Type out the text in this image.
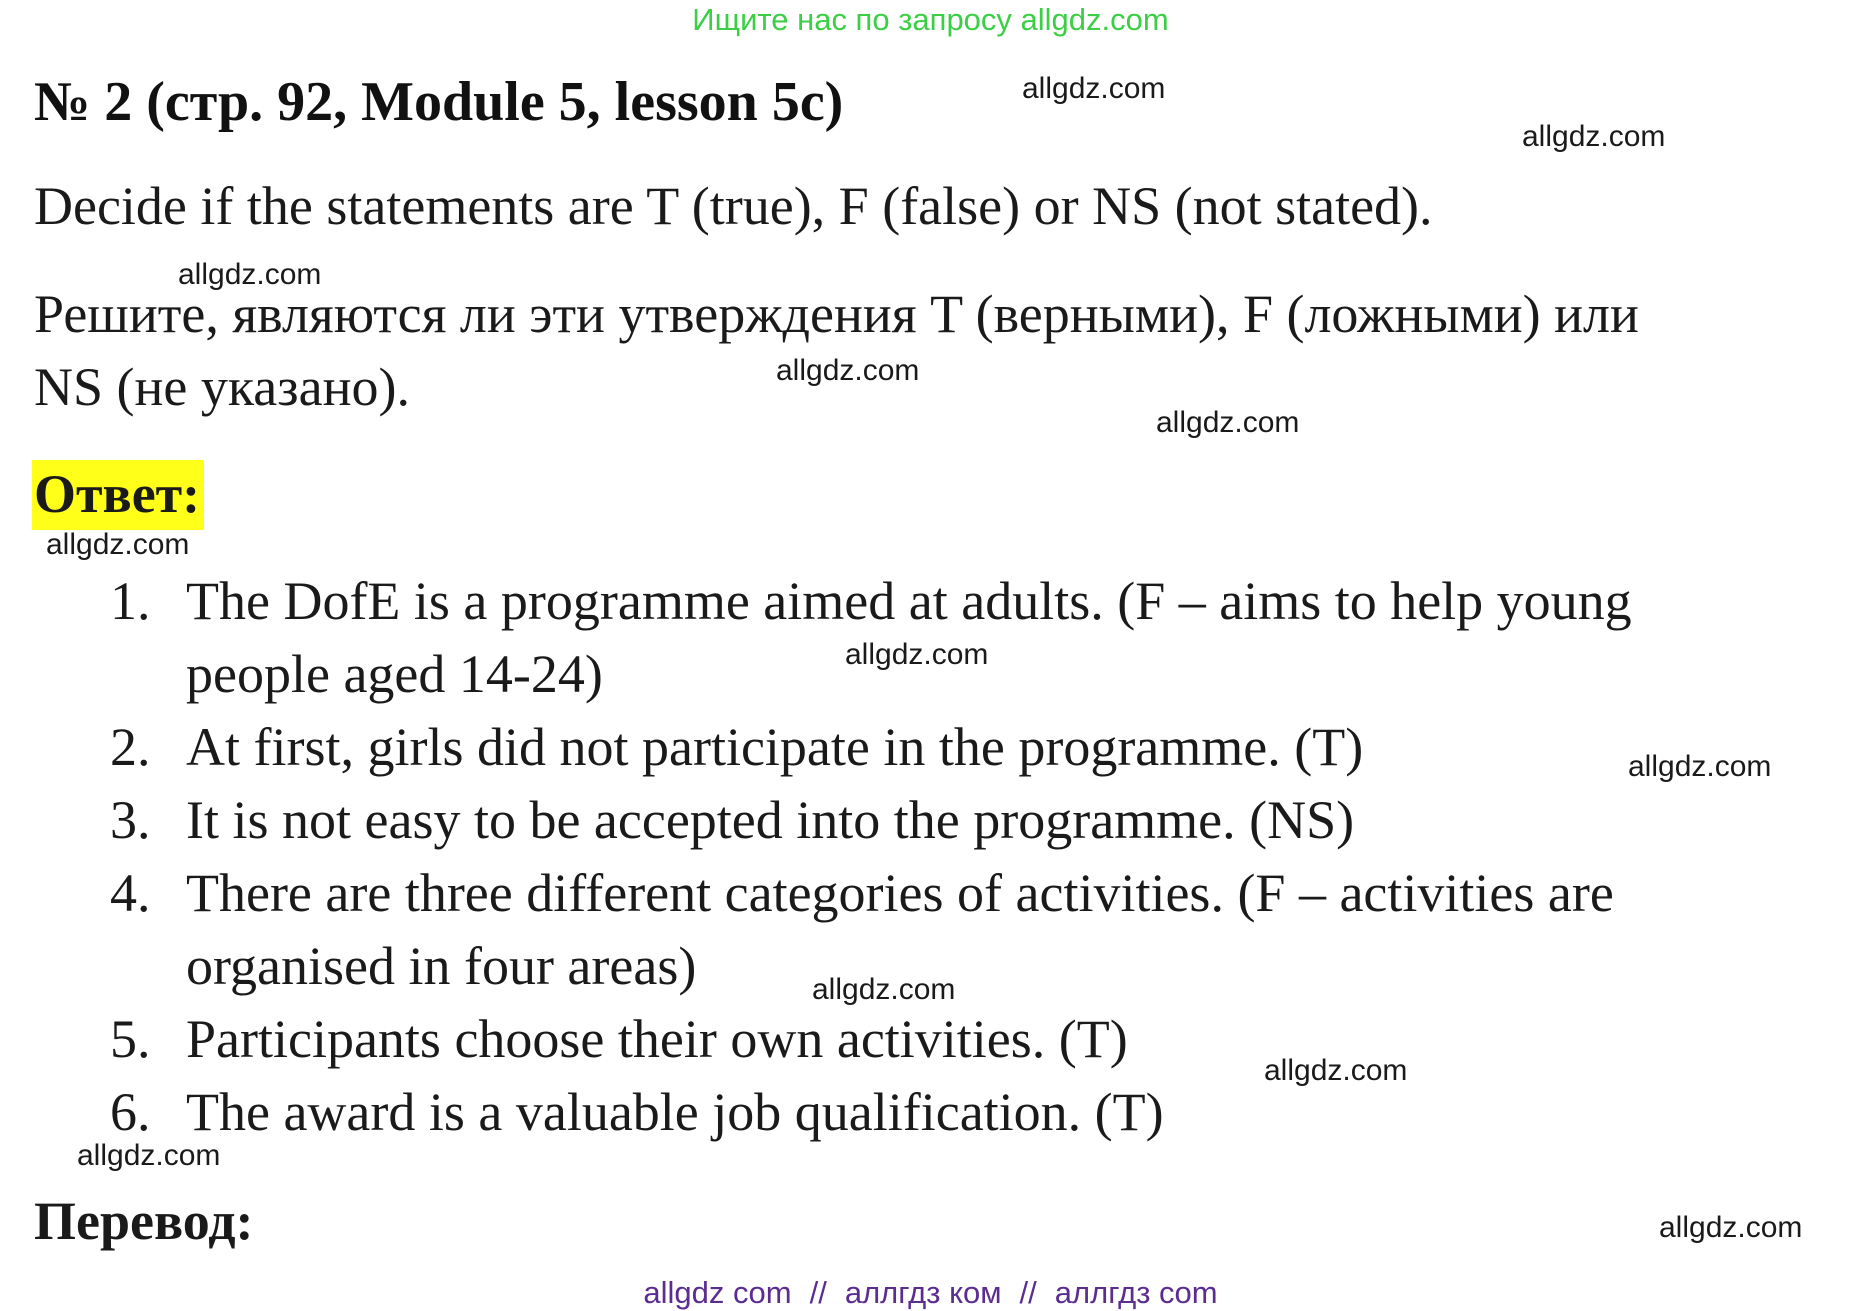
Ищите нас по запросу allgdz.com
№ 2 (стр. 92, Module 5, lesson 5c)
Decide if the statements are T (true), F (false) or NS (not stated).
Решите, являются ли эти утверждения T (верными), F (ложными) или
NS (не указано).
Ответ:
1. The DofE is a programme aimed at adults. (F – aims to help young
people aged 14-24)
2. At first, girls did not participate in the programme. (T)
3. It is not easy to be accepted into the programme. (NS)
4. There are three different categories of activities. (F – activities are
organised in four areas)
5. Participants choose their own activities. (T)
6. The award is a valuable job qualification. (T)
Перевод:
allgdz.com
allgdz.com
allgdz.com
allgdz.com
allgdz.com
allgdz.com
allgdz.com
allgdz.com
allgdz.com
allgdz.com
allgdz.com
allgdz.com
allgdz com // аллгдз ком // аллгдз com
